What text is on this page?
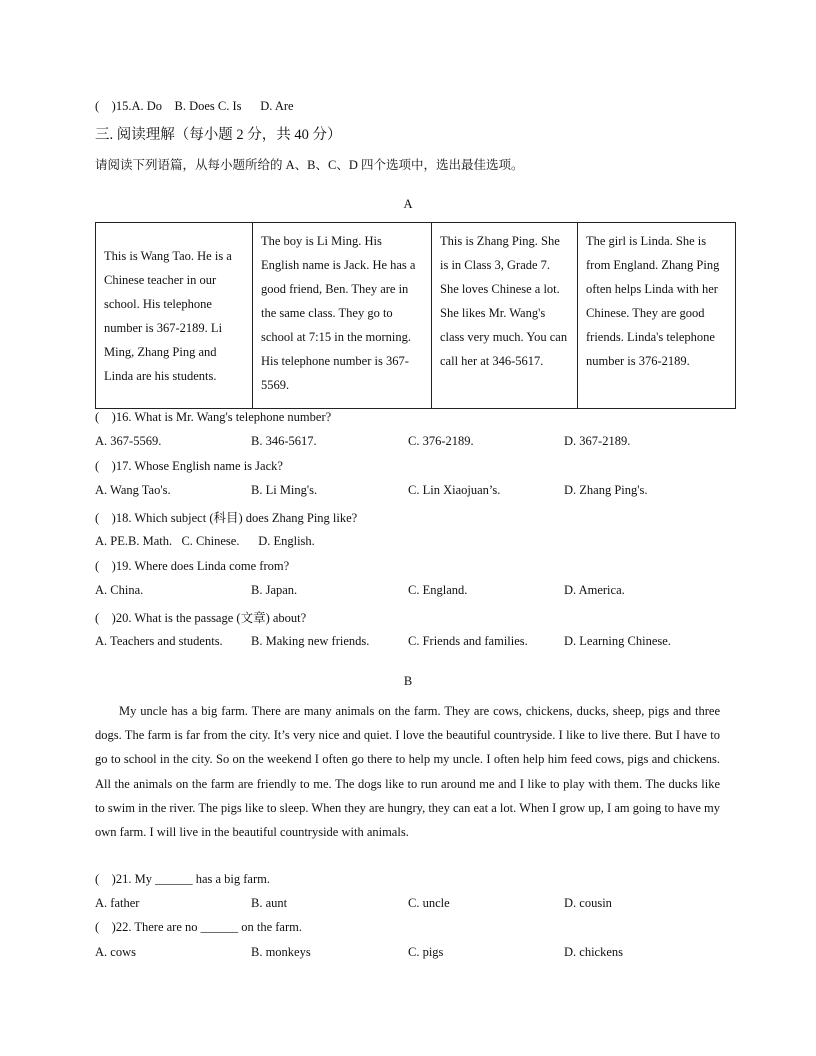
(    )15.A. Do    B. Does C. Is      D. Are
三. 阅读理解（每小题 2 分，共 40 分）
请阅读下列语篇，从每小题所给的 A、B、C、D 四个选项中，选出最佳选项。
A
This is Wang Tao. He is a Chinese teacher in our school. His telephone number is 367-2189. Li Ming, Zhang Ping and Linda are his students.	The boy is Li Ming. His English name is Jack. He has a good friend, Ben. They are in the same class. They go to school at 7:15 in the morning. His telephone number is 367-5569.	This is Zhang Ping. She is in Class 3, Grade 7. She loves Chinese a lot. She likes Mr. Wang's class very much. You can call her at 346-5617.	The girl is Linda. She is from England. Zhang Ping often helps Linda with her Chinese. They are good friends. Linda's telephone number is 376-2189.
(    )16. What is Mr. Wang's telephone number?
A. 367-5569.	B. 346-5617.	C. 376-2189.	D. 367-2189.
(    )17. Whose English name is Jack?
A. Wang Tao's.	B. Li Ming's.	C. Lin Xiaojuan’s.	D. Zhang Ping's.
(    )18. Which subject (科目) does Zhang Ping like?
A. PE.B. Math.   C. Chinese.      D. English.
(    )19. Where does Linda come from?
A. China.	B. Japan.	C. England.	D. America.
(    )20. What is the passage (文章) about?
A. Teachers and students. B. Making new friends.	C. Friends and families.	D. Learning Chinese.
B
My uncle has a big farm. There are many animals on the farm. They are cows, chickens, ducks, sheep, pigs and three dogs. The farm is far from the city. It’s very nice and quiet. I love the beautiful countryside. I like to live there. But I have to go to school in the city. So on the weekend I often go there to help my uncle. I often help him feed cows, pigs and chickens. All the animals on the farm are friendly to me. The dogs like to run around me and I like to play with them. The ducks like to swim in the river. The pigs like to sleep. When they are hungry, they can eat a lot. When I grow up, I am going to have my own farm. I will live in the beautiful countryside with animals.
(    )21. My ______ has a big farm.
A. father	B. aunt	C. uncle	D. cousin
(    )22. There are no ______ on the farm.
A. cows	B. monkeys	C. pigs	D. chickens
